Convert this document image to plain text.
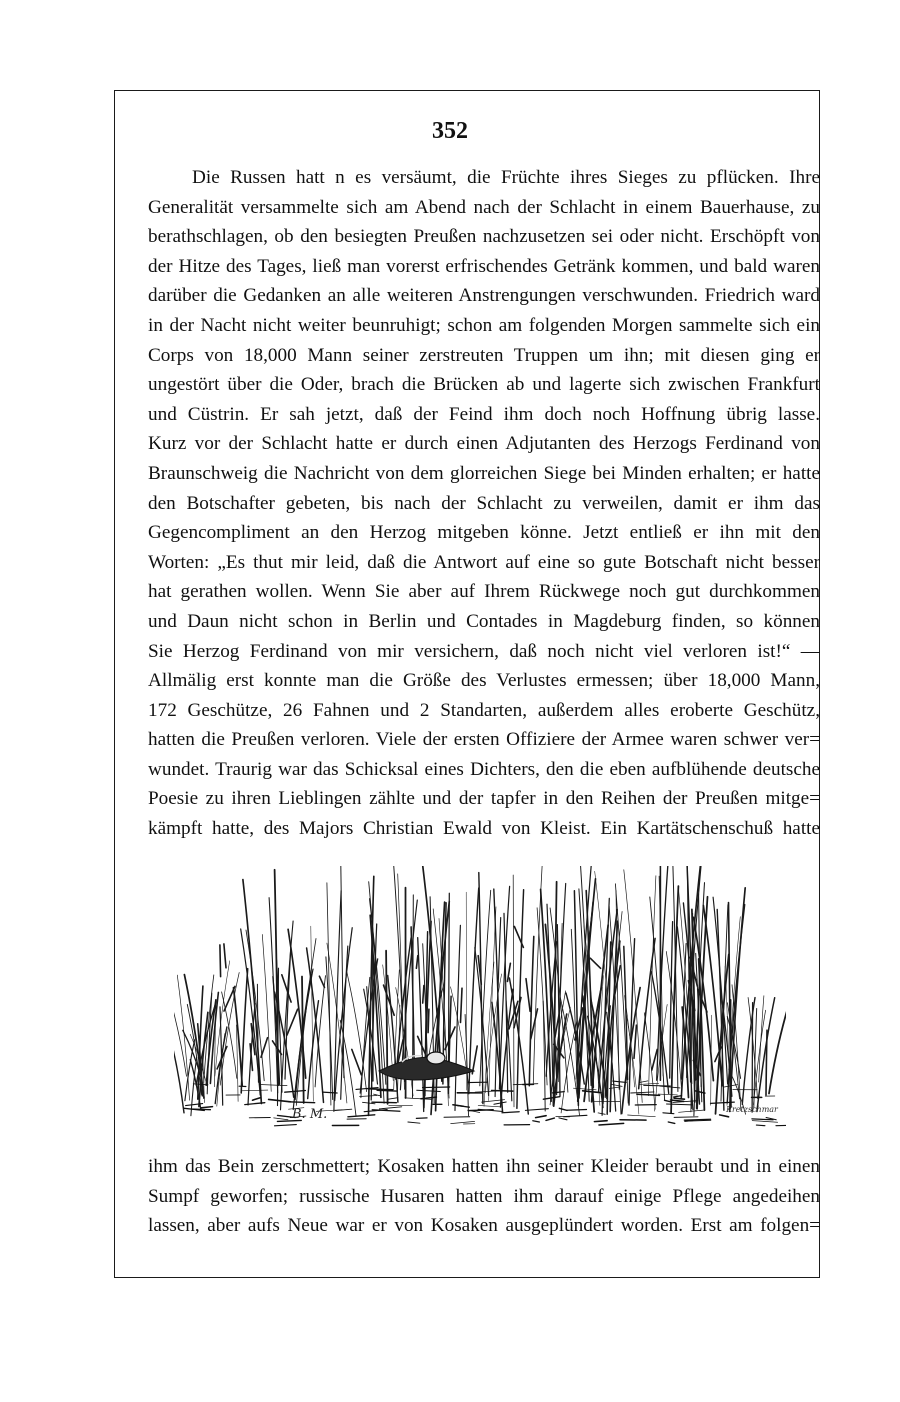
352
Die Russen hatt n es versäumt, die Früchte ihres Sieges zu pflücken. Ihre
Generalität versammelte sich am Abend nach der Schlacht in einem Bauerhause, zu
berathschlagen, ob den besiegten Preußen nachzusetzen sei oder nicht. Erschöpft von
der Hitze des Tages, ließ man vorerst erfrischendes Getränk kommen, und bald waren
darüber die Gedanken an alle weiteren Anstrengungen verschwunden. Friedrich ward
in der Nacht nicht weiter beunruhigt; schon am folgenden Morgen sammelte sich ein
Corps von 18,000 Mann seiner zerstreuten Truppen um ihn; mit diesen ging er
ungestört über die Oder, brach die Brücken ab und lagerte sich zwischen Frankfurt
und Cüstrin. Er sah jetzt, daß der Feind ihm doch noch Hoffnung übrig lasse.
Kurz vor der Schlacht hatte er durch einen Adjutanten des Herzogs Ferdinand von
Braunschweig die Nachricht von dem glorreichen Siege bei Minden erhalten; er hatte
den Botschafter gebeten, bis nach der Schlacht zu verweilen, damit er ihm das
Gegencompliment an den Herzog mitgeben könne. Jetzt entließ er ihn mit den
Worten: „Es thut mir leid, daß die Antwort auf eine so gute Botschaft nicht besser
hat gerathen wollen. Wenn Sie aber auf Ihrem Rückwege noch gut durchkommen
und Daun nicht schon in Berlin und Contades in Magdeburg finden, so können
Sie Herzog Ferdinand von mir versichern, daß noch nicht viel verloren ist!“ —
Allmälig erst konnte man die Größe des Verlustes ermessen; über 18,000 Mann,
172 Geschütze, 26 Fahnen und 2 Standarten, außerdem alles eroberte Geschütz,
hatten die Preußen verloren. Viele der ersten Offiziere der Armee waren schwer ver=
wundet. Traurig war das Schicksal eines Dichters, den die eben aufblühende deutsche
Poesie zu ihren Lieblingen zählte und der tapfer in den Reihen der Preußen mitge=
kämpft hatte, des Majors Christian Ewald von Kleist. Ein Kartätschenschuß hatte
B. M.	Kretzschmar
ihm das Bein zerschmettert; Kosaken hatten ihn seiner Kleider beraubt und in einen
Sumpf geworfen; russische Husaren hatten ihm darauf einige Pflege angedeihen
lassen, aber aufs Neue war er von Kosaken ausgeplündert worden. Erst am folgen=
